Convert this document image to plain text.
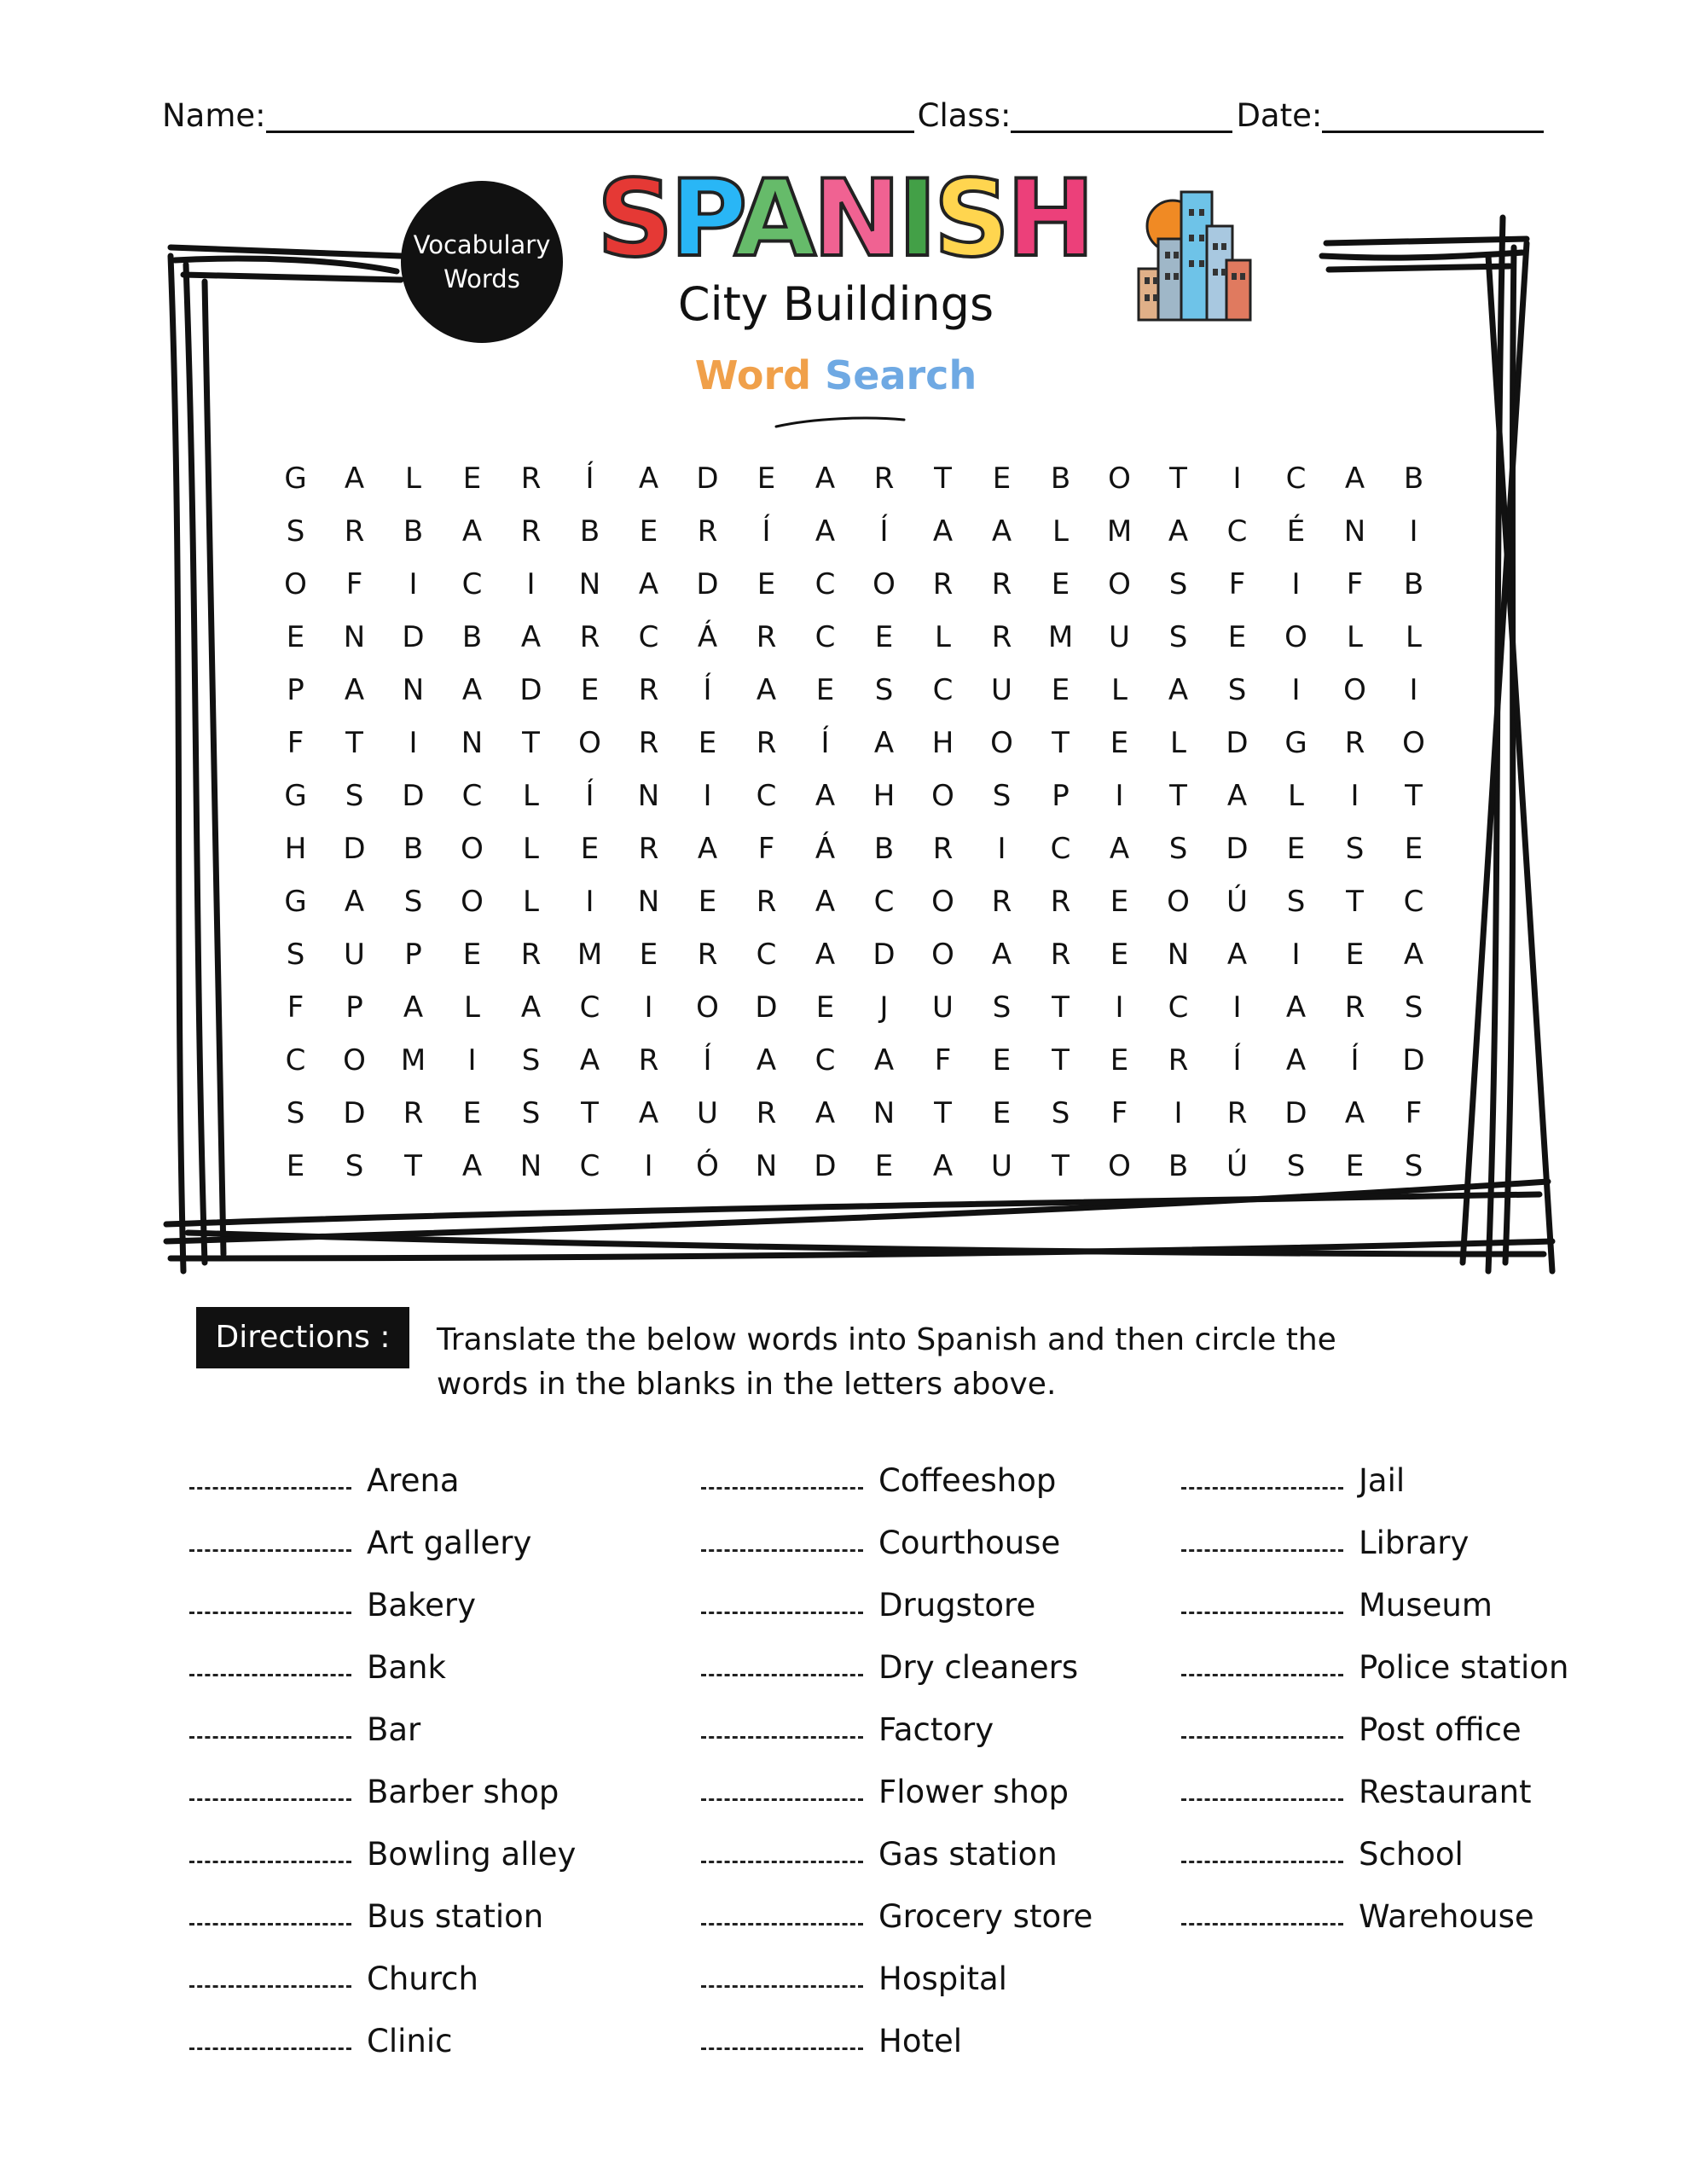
Name:	Class:	Date:
Vocabulary
Words SPANISH
City Buildings
Word Search
G	A	L	E	R	Í	A	D	E	A	R	T	E	B	O	T	I	C	A	B
S	R	B	A	R	B	E	R	Í	A	Í	A	A	L	M	A	C	É	N	I
O	F	I	C	I	N	A	D	E	C	O	R	R	E	O	S	F	I	F	B
E	N	D	B	A	R	C	Á	R	C	E	L	R	M	U	S	E	O	L	L
P	A	N	A	D	E	R	Í	A	E	S	C	U	E	L	A	S	I	O	I
F	T	I	N	T	O	R	E	R	Í	A	H	O	T	E	L	D	G	R	O
G	S	D	C	L	Í	N	I	C	A	H	O	S	P	I	T	A	L	I	T
H	D	B	O	L	E	R	A	F	Á	B	R	I	C	A	S	D	E	S	E
G	A	S	O	L	I	N	E	R	A	C	O	R	R	E	O	Ú	S	T	C
S	U	P	E	R	M	E	R	C	A	D	O	A	R	E	N	A	I	E	A
F	P	A	L	A	C	I	O	D	E	J	U	S	T	I	C	I	A	R	S
C	O	M	I	S	A	R	Í	A	C	A	F	E	T	E	R	Í	A	Í	D
S	D	R	E	S	T	A	U	R	A	N	T	E	S	F	I	R	D	A	F
E	S	T	A	N	C	I	Ó	N	D	E	A	U	T	O	B	Ú	S	E	S
Directions :	Translate the below words into Spanish and then circle the words in the blanks in the letters above.
Arena
Art gallery
Bakery
Bank
Bar
Barber shop
Bowling alley
Bus station
Church
Clinic
Coffeeshop
Courthouse
Drugstore
Dry cleaners
Factory
Flower shop
Gas station
Grocery store
Hospital
Hotel
Jail
Library
Museum
Police station
Post office
Restaurant
School
Warehouse
